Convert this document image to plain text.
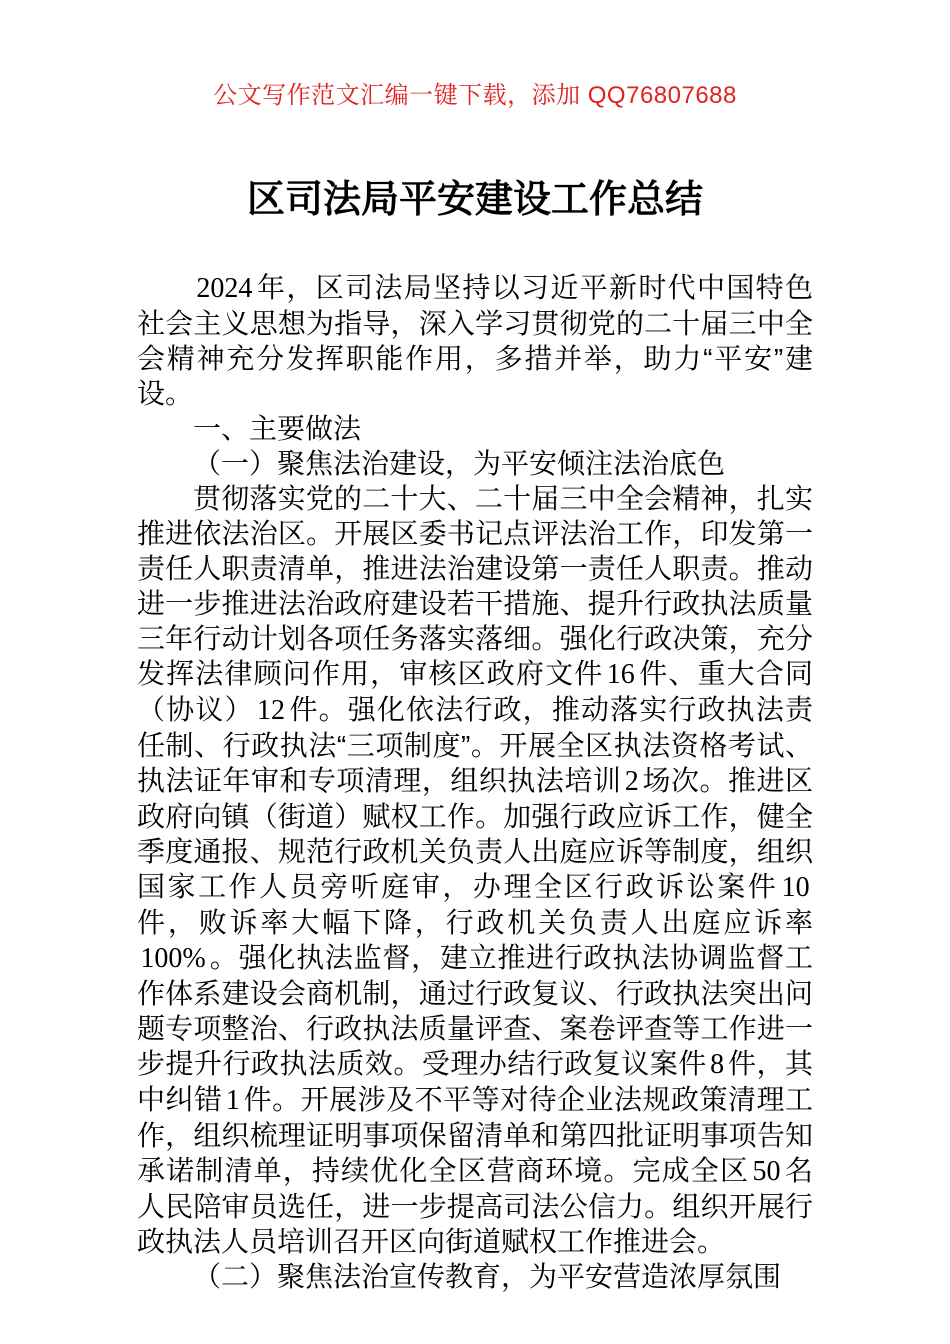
公文写作范文汇编一键下载，添加 QQ76807688
区司法局平安建设工作总结

2024 年，区司法局坚持以习近平新时代中国特色社会主义思想为指导，深入学习贯彻党的二十届三中全会精神充分发挥职能作用，多措并举，助力“平安”建设。

一、主要做法

（一）聚焦法治建设，为平安倾注法治底色

贯彻落实党的二十大、二十届三中全会精神，扎实推进依法治区。开展区委书记点评法治工作，印发第一责任人职责清单，推进法治建设第一责任人职责。推动进一步推进法治政府建设若干措施、提升行政执法质量三年行动计划各项任务落实落细。强化行政决策，充分发挥法律顾问作用，审核区政府文件 16 件、重大合同（协议） 12 件。强化依法行政，推动落实行政执法责任制、行政执法“三项制度”。开展全区执法资格考试、执法证年审和专项清理，组织执法培训 2 场次。推进区政府向镇（街道）赋权工作。加强行政应诉工作，健全季度通报、规范行政机关负责人出庭应诉等制度，组织国家工作人员旁听庭审，办理全区行政诉讼案件 10件，败诉率大幅下降，行政机关负责人出庭应诉率100% 。强化执法监督，建立推进行政执法协调监督工作体系建设会商机制，通过行政复议、行政执法突出问题专项整治、行政执法质量评查、案卷评查等工作进一步提升行政执法质效。受理办结行政复议案件 8 件，其中纠错 1 件。开展涉及不平等对待企业法规政策清理工作，组织梳理证明事项保留清单和第四批证明事项告知承诺制清单，持续优化全区营商环境。完成全区 50 名人民陪审员选任，进一步提高司法公信力。组织开展行政执法人员培训召开区向街道赋权工作推进会。

（二）聚焦法治宣传教育，为平安营造浓厚氛围
